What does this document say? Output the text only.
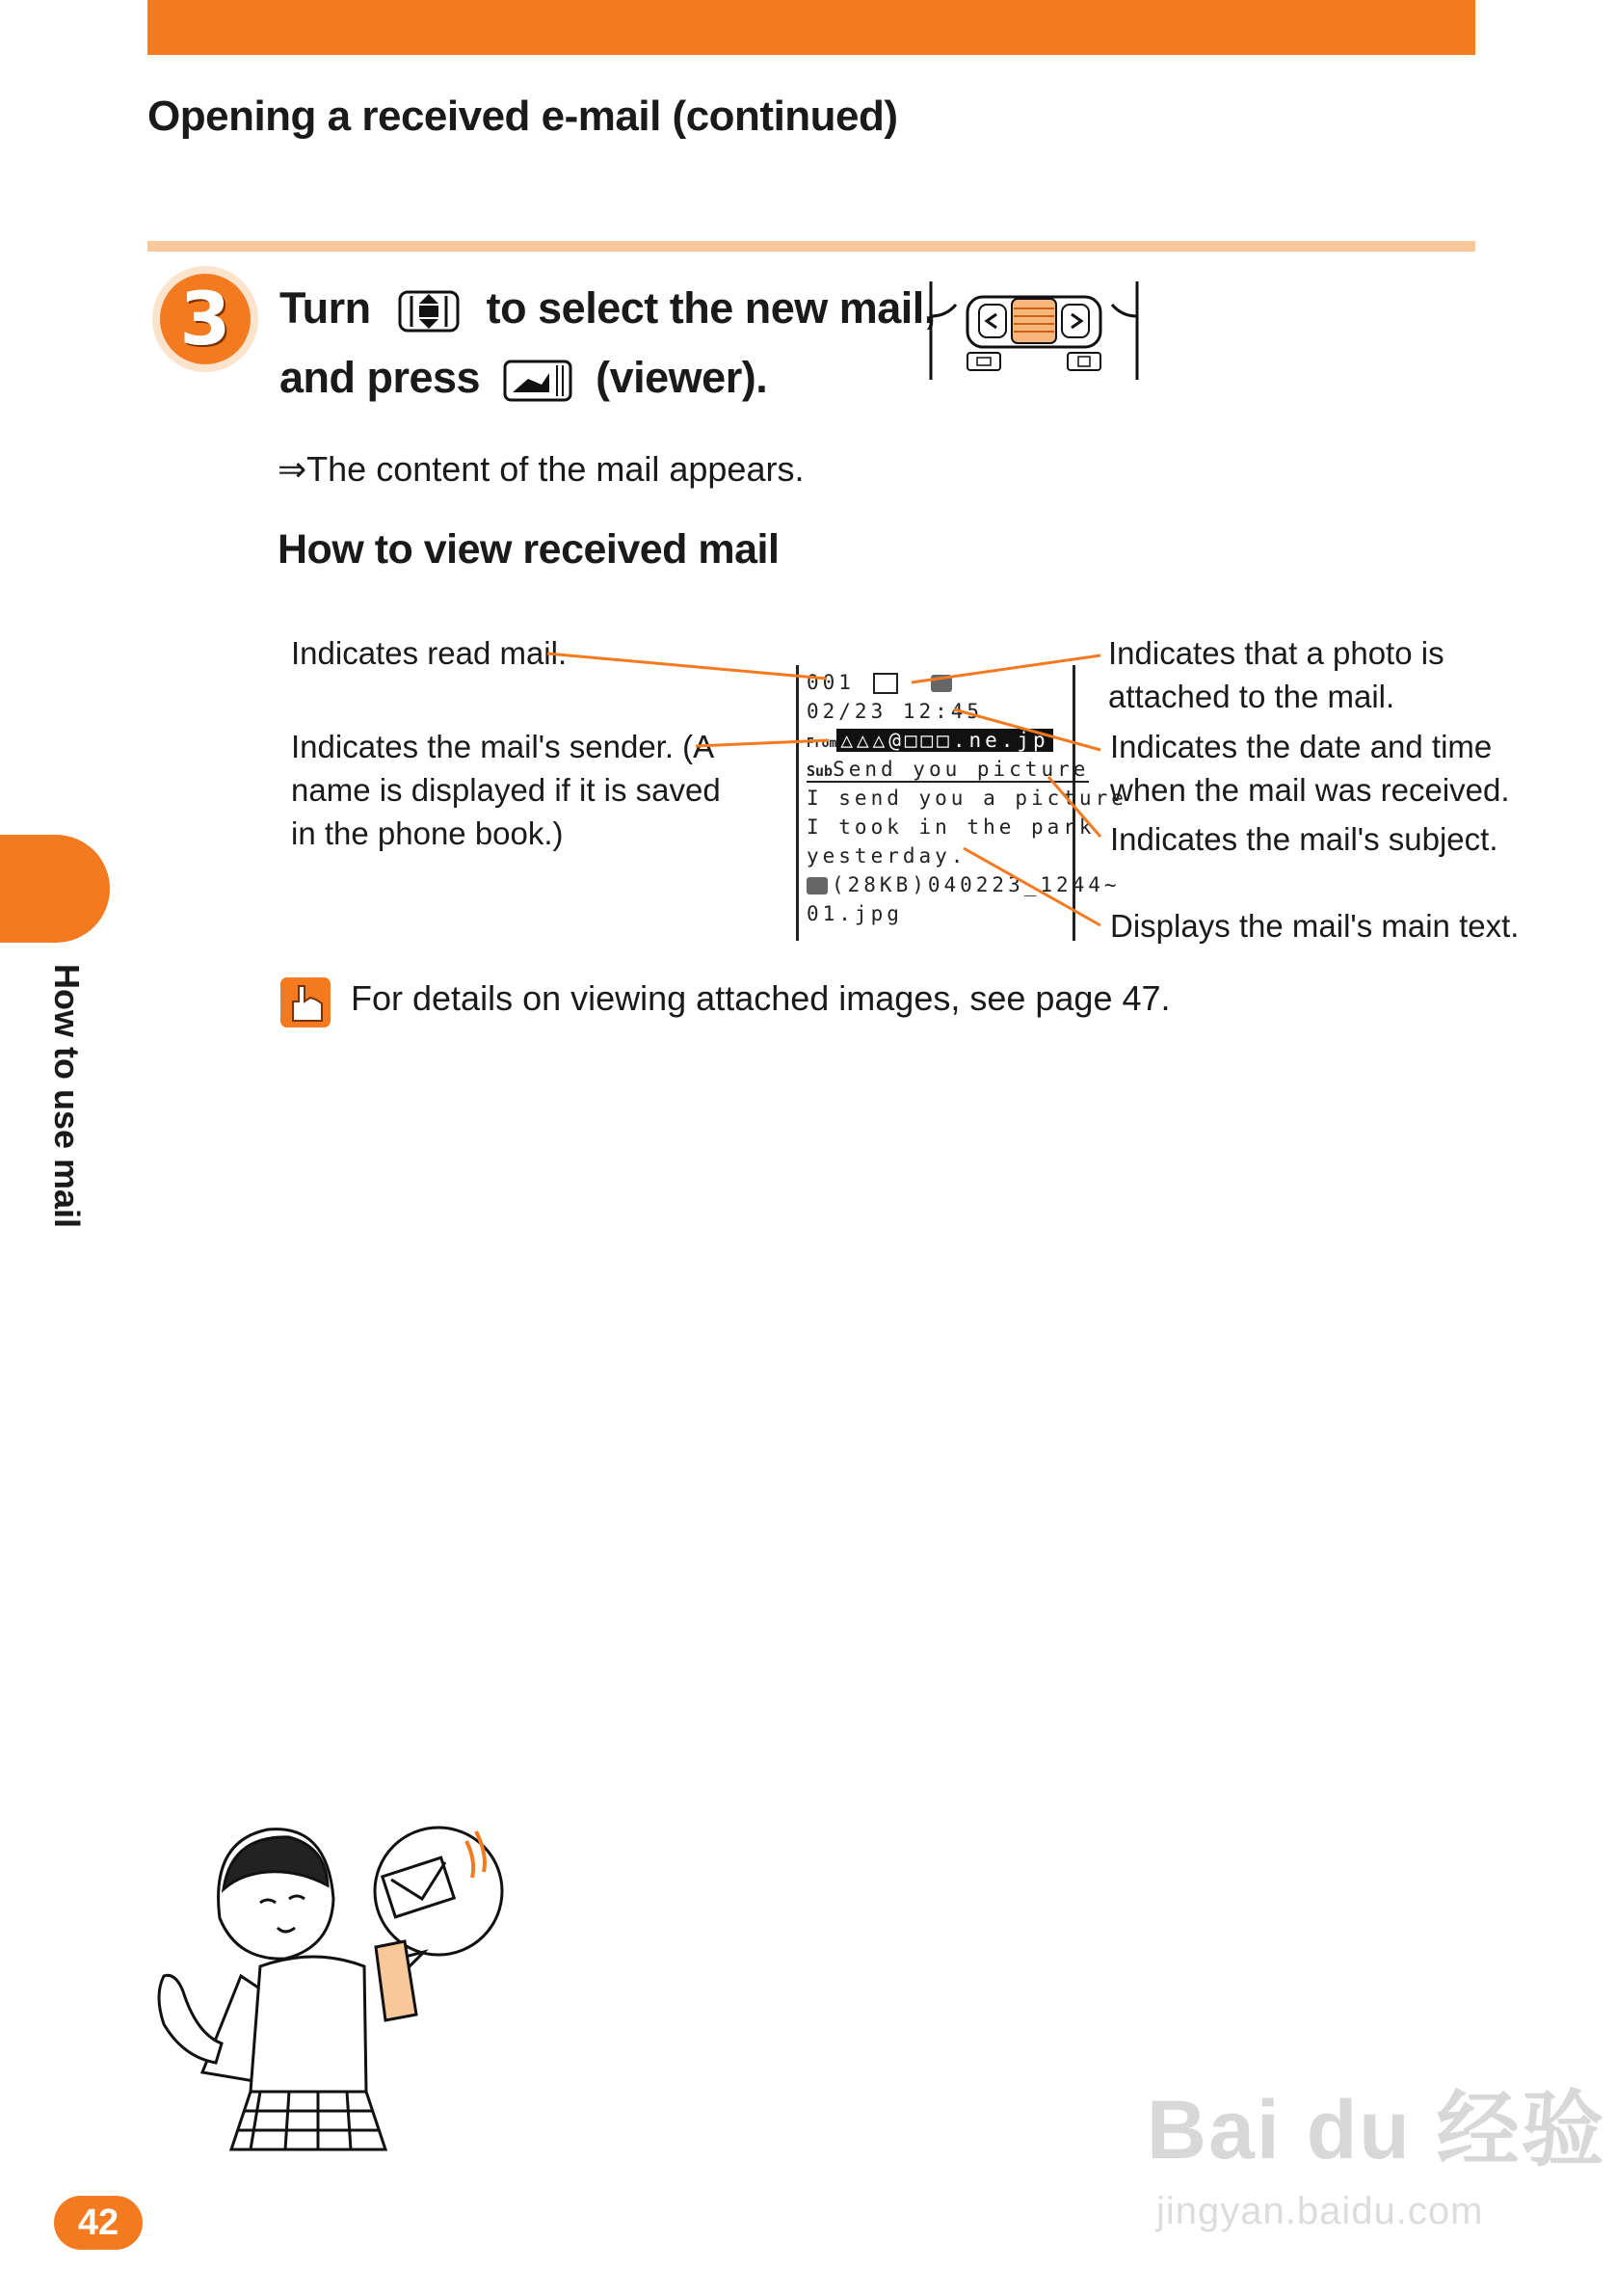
Opening a received e-mail (continued)
3	Turn	to select the new mail,
and press	(viewer).
⇒The content of the mail appears.
How to view received mail
Indicates read mail.
Indicates the mail's sender. (A
name is displayed if it is saved
in the phone book.)
Indicates that a photo is
attached to the mail.
Indicates the date and time
when the mail was received.
Indicates the mail's subject.
Displays the mail's main text.
001
02/23 12:45
From △△△@□□□.ne.jp
SubSend you picture
I send you a picture
I took in the park
yesterday.
(28KB)040223_1244~
01.jpg
For details on viewing attached images, see page 47.
How to use mail
42
Bai du 经验
jingyan.baidu.com
